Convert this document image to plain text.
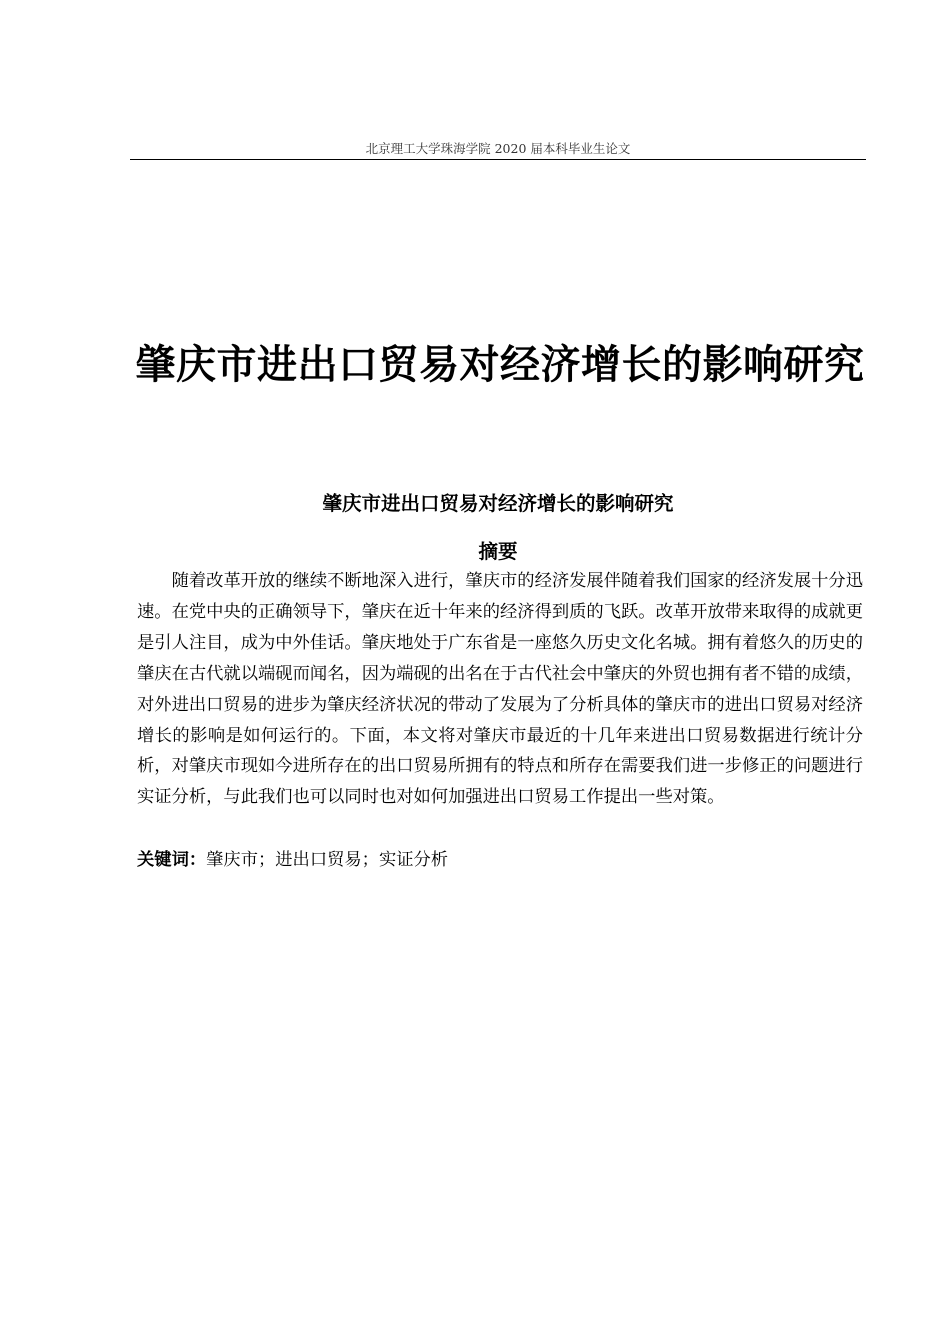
北京理工大学珠海学院 2020 届本科毕业生论文
肇庆市进出口贸易对经济增长的影响研究
肇庆市进出口贸易对经济增长的影响研究
摘要

随着改革开放的继续不断地深入进行，肇庆市的经济发展伴随着我们国家的经济发展十分迅速。在党中央的正确领导下，肇庆在近十年来的经济得到质的飞跃。改革开放带来取得的成就更是引人注目，成为中外佳话。肇庆地处于广东省是一座悠久历史文化名城。拥有着悠久的历史的肇庆在古代就以端砚而闻名，因为端砚的出名在于古代社会中肇庆的外贸也拥有者不错的成绩，对外进出口贸易的进步为肇庆经济状况的带动了发展为了分析具体的肇庆市的进出口贸易对经济增长的影响是如何运行的。下面，本文将对肇庆市最近的十几年来进出口贸易数据进行统计分析，对肇庆市现如今进所存在的出口贸易所拥有的特点和所存在需要我们进一步修正的问题进行实证分析，与此我们也可以同时也对如何加强进出口贸易工作提出一些对策。

关键词：肇庆市；进出口贸易；实证分析
